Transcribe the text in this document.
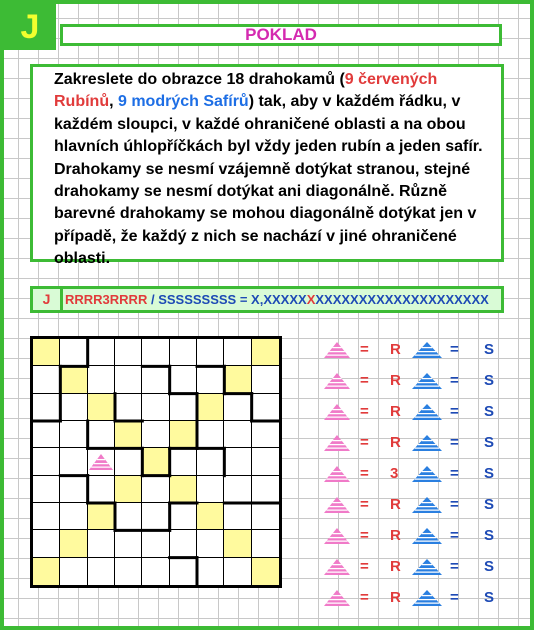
J	POKLAD
Zakreslete do obrazce 18 drahokamů (9 červených Rubínů, 9 modrých Safírů) tak, aby v každém řádku, v každém sloupci, v každé ohraničené oblasti a na obou hlavních úhlopříčkách byl vždy jeden rubín a jeden safír. Drahokamy se nesmí vzájemně dotýkat stranou, stejné drahokamy se nesmí dotýkat ani diagonálně. Různě barevné drahokamy se mohou diagonálně dotýkat jen v případě, že každý z nich se nachází v jiné ohraničené oblasti.
J	RRRR3RRRR / SSSSSSSSS = X,XXXXXXXXXXXXXXXXXXXXXXXXXX
= R	= S
= R	= S
= R	= S
= R	= S
= 3	= S
= R	= S
= R	= S
= R	= S
= R	= S
